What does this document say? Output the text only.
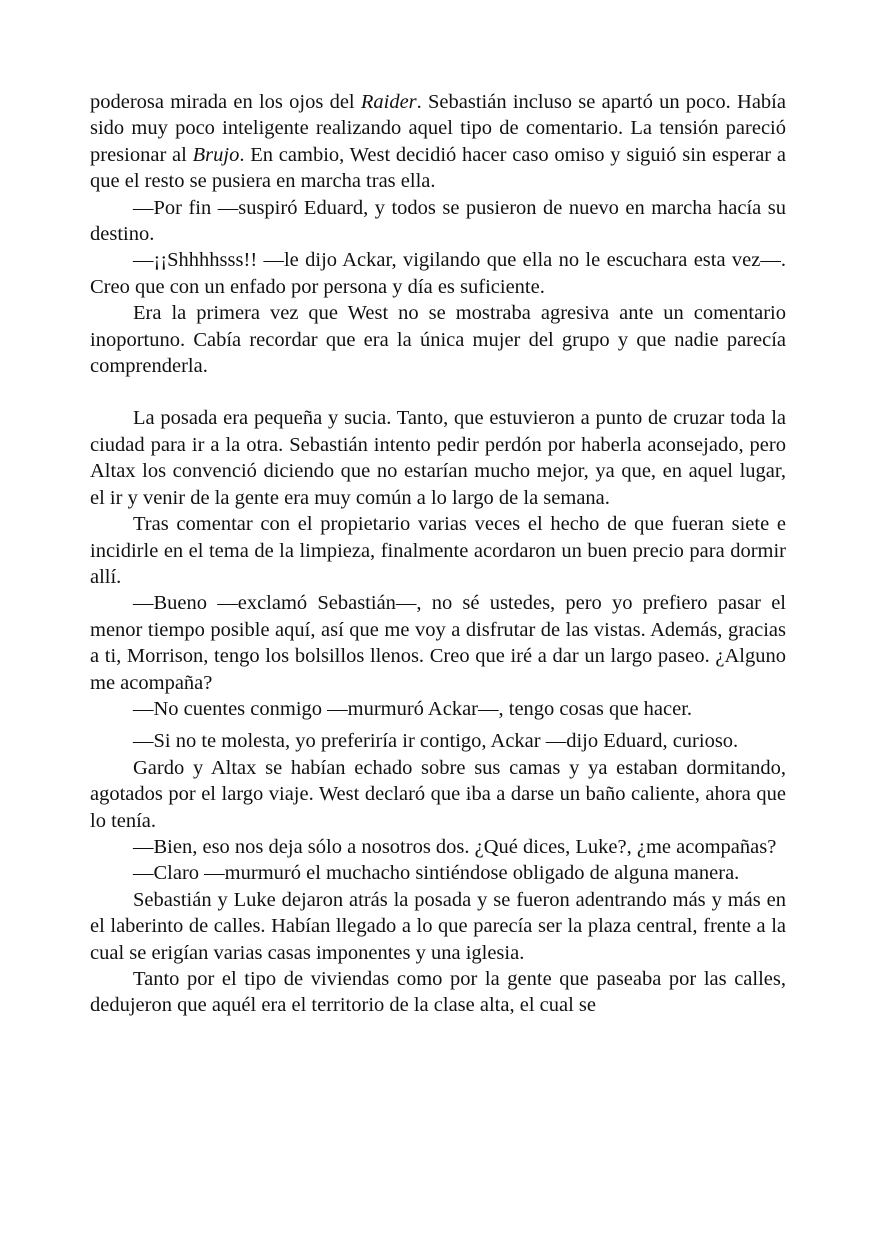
poderosa mirada en los ojos del Raider. Sebastián incluso se apartó un poco. Había sido muy poco inteligente realizando aquel tipo de comentario. La tensión pareció presionar al Brujo. En cambio, West decidió hacer caso omiso y siguió sin esperar a que el resto se pusiera en marcha tras ella.

—Por fin —suspiró Eduard, y todos se pusieron de nuevo en marcha hacía su destino.

—¡¡Shhhhsss!! —le dijo Ackar, vigilando que ella no le escuchara esta vez—. Creo que con un enfado por persona y día es suficiente.

Era la primera vez que West no se mostraba agresiva ante un comentario inoportuno. Cabía recordar que era la única mujer del grupo y que nadie parecía comprenderla.

La posada era pequeña y sucia. Tanto, que estuvieron a punto de cruzar toda la ciudad para ir a la otra. Sebastián intento pedir perdón por haberla aconsejado, pero Altax los convenció diciendo que no estarían mucho mejor, ya que, en aquel lugar, el ir y venir de la gente era muy común a lo largo de la semana.

Tras comentar con el propietario varias veces el hecho de que fueran siete e incidirle en el tema de la limpieza, finalmente acordaron un buen precio para dormir allí.

—Bueno —exclamó Sebastián—, no sé ustedes, pero yo prefiero pasar el menor tiempo posible aquí, así que me voy a disfrutar de las vistas. Además, gracias a ti, Morrison, tengo los bolsillos llenos. Creo que iré a dar un largo paseo. ¿Alguno me acompaña?

—No cuentes conmigo —murmuró Ackar—, tengo cosas que hacer.

—Si no te molesta, yo preferiría ir contigo, Ackar —dijo Eduard, curioso.

Gardo y Altax se habían echado sobre sus camas y ya estaban dormitando, agotados por el largo viaje. West declaró que iba a darse un baño caliente, ahora que lo tenía.

—Bien, eso nos deja sólo a nosotros dos. ¿Qué dices, Luke?, ¿me acompañas?

—Claro —murmuró el muchacho sintiéndose obligado de alguna manera.

Sebastián y Luke dejaron atrás la posada y se fueron adentrando más y más en el laberinto de calles. Habían llegado a lo que parecía ser la plaza central, frente a la cual se erigían varias casas imponentes y una iglesia.

Tanto por el tipo de viviendas como por la gente que paseaba por las calles, dedujeron que aquél era el territorio de la clase alta, el cual se
